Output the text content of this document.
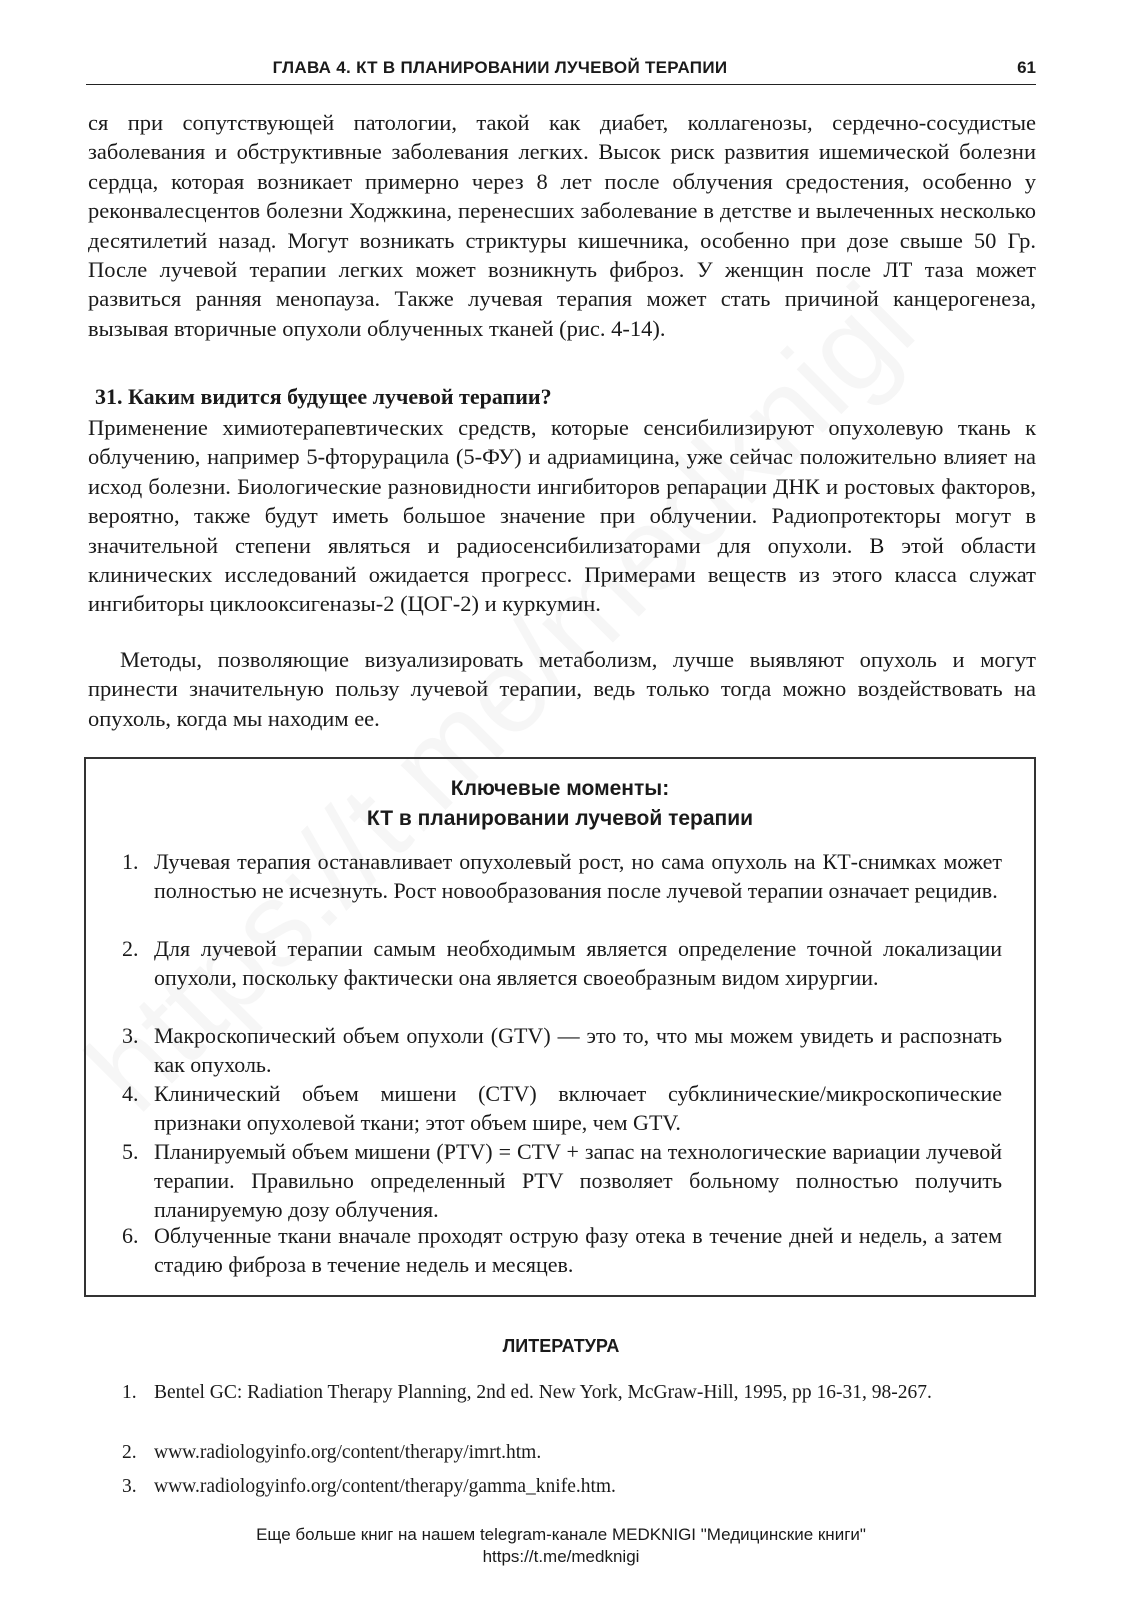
ГЛАВА 4. КТ В ПЛАНИРОВАНИИ ЛУЧЕВОЙ ТЕРАПИИ	61

ся при сопутствующей патологии, такой как диабет, коллагенозы, сердечно-сосудистые заболевания и обструктивные заболевания легких. Высок риск развития ишемической болезни сердца, которая возникает примерно через 8 лет после облучения средостения, особенно у реконвалесцентов болезни Ходжкина, перенесших заболевание в детстве и вылеченных несколько десятилетий назад. Могут возникать стриктуры кишечника, особенно при дозе свыше 50 Гр. После лучевой терапии легких может возникнуть фиброз. У женщин после ЛТ таза может развиться ранняя менопауза. Также лучевая терапия может стать причиной канцерогенеза, вызывая вторичные опухоли облученных тканей (рис. 4-14).

31. Каким видится будущее лучевой терапии?

Применение химиотерапевтических средств, которые сенсибилизируют опухолевую ткань к облучению, например 5-фторурацила (5-ФУ) и адриамицина, уже сейчас положительно влияет на исход болезни. Биологические разновидности ингибиторов репарации ДНК и ростовых факторов, вероятно, также будут иметь большое значение при облучении. Радиопротекторы могут в значительной степени являться и радиосенсибилизаторами для опухоли. В этой области клинических исследований ожидается прогресс. Примерами веществ из этого класса служат ингибиторы циклооксигеназы-2 (ЦОГ-2) и куркумин.

Методы, позволяющие визуализировать метаболизм, лучше выявляют опухоль и могут принести значительную пользу лучевой терапии, ведь только тогда можно воздействовать на опухоль, когда мы находим ее.

Ключевые моменты:
КТ в планировании лучевой терапии
1. Лучевая терапия останавливает опухолевый рост, но сама опухоль на КТ-снимках может полностью не исчезнуть. Рост новообразования после лучевой терапии означает рецидив.
2. Для лучевой терапии самым необходимым является определение точной локализации опухоли, поскольку фактически она является своеобразным видом хирургии.
3. Макроскопический объем опухоли (GTV) — это то, что мы можем увидеть и распознать как опухоль.
4. Клинический объем мишени (CTV) включает субклинические/микроскопические признаки опухолевой ткани; этот объем шире, чем GTV.
5. Планируемый объем мишени (PTV) = CTV + запас на технологические вариации лучевой терапии. Правильно определенный PTV позволяет больному полностью получить планируемую дозу облучения.
6. Облученные ткани вначале проходят острую фазу отека в течение дней и недель, а затем стадию фиброза в течение недель и месяцев.
ЛИТЕРАТУРА
1. Bentel GC: Radiation Therapy Planning, 2nd ed. New York, McGraw-Hill, 1995, pp 16-31, 98-267.
2. www.radiologyinfo.org/content/therapy/imrt.htm.
3. www.radiologyinfo.org/content/therapy/gamma_knife.htm.
Еще больше книг на нашем telegram-канале MEDKNIGI "Медицинские книги"
https://t.me/medknigi
